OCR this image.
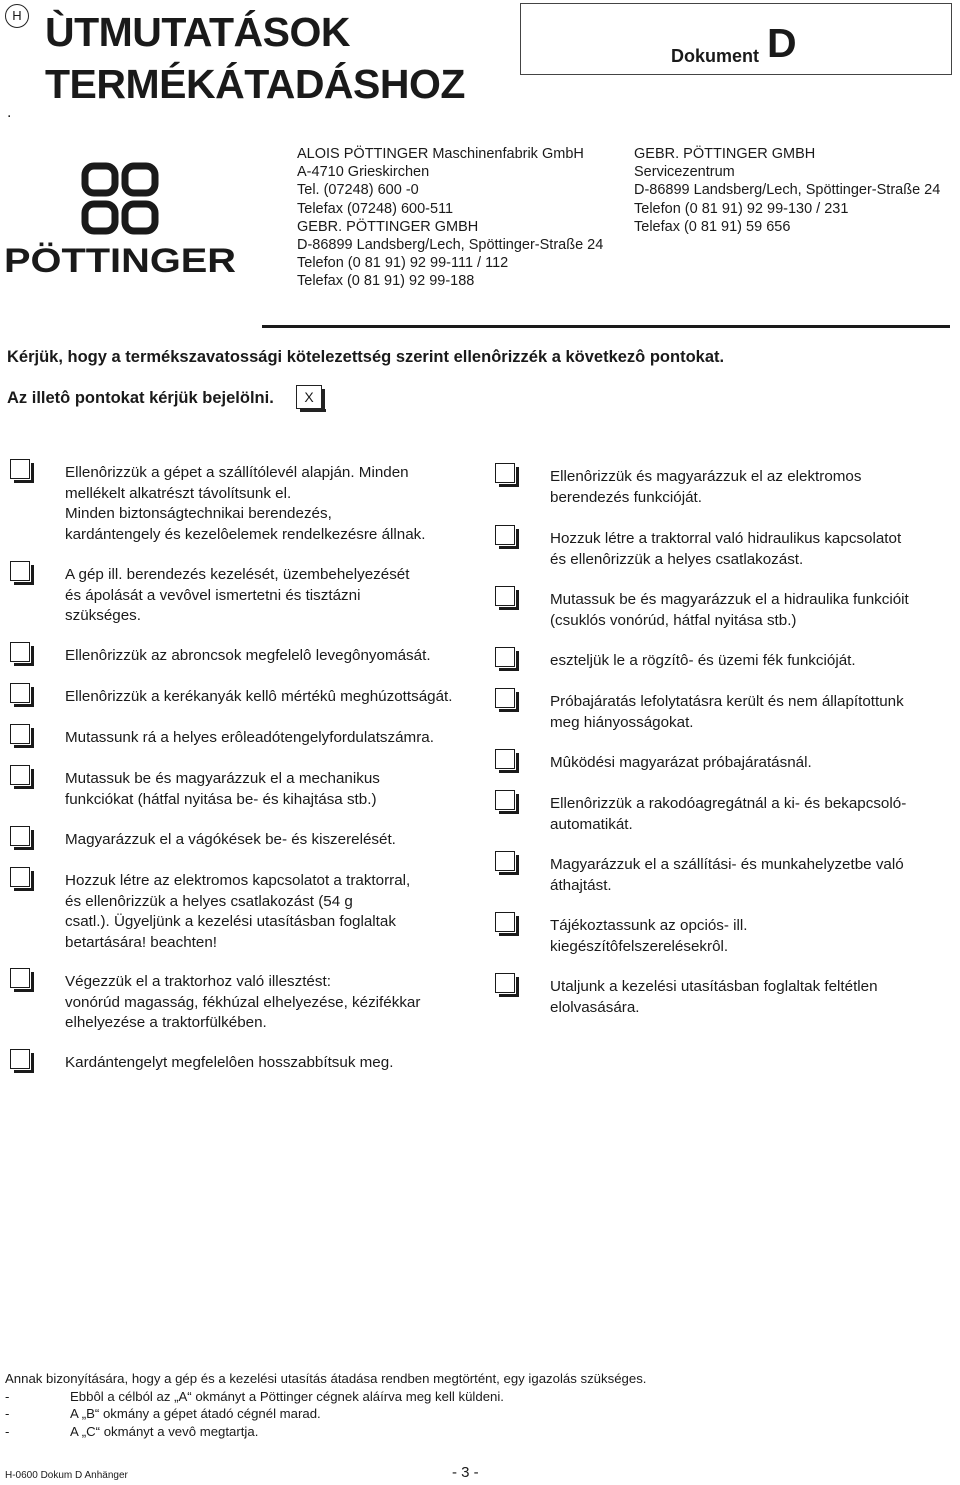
H ÙTMUTATÁSOK
TERMÉKÁTADÁSHOZ
.
Dokument D
PÖTTINGER
ALOIS PÖTTINGER Maschinenfabrik GmbH
A-4710 Grieskirchen
Tel. (07248) 600 -0
Telefax (07248) 600-511
GEBR. PÖTTINGER GMBH
D-86899 Landsberg/Lech, Spöttinger-Straße 24
Telefon (0 81 91) 92 99-111 / 112
Telefax (0 81 91) 92 99-188
GEBR. PÖTTINGER GMBH
Servicezentrum
D-86899 Landsberg/Lech, Spöttinger-Straße 24
Telefon (0 81 91) 92 99-130 / 231
Telefax (0 81 91) 59 656
Kérjük, hogy a termékszavatossági kötelezettség szerint ellenôrizzék a következô pontokat.
Az illetô pontokat kérjük bejelölni.	X
Ellenôrizzük a gépet a szállítólevél alapján. Minden
mellékelt alkatrészt távolítsunk el.
Minden biztonságtechnikai berendezés,
kardántengely és kezelôelemek rendelkezésre állnak.
A gép ill. berendezés kezelését, üzembehelyezését
és ápolását a vevôvel ismertetni és tisztázni
szükséges.
Ellenôrizzük az abroncsok megfelelô levegônyomását.
Ellenôrizzük a kerékanyák kellô mértékû meghúzottságát.
Mutassunk rá a helyes erôleadótengelyfordulatszámra.
Mutassuk be és magyarázzuk el a mechanikus
funkciókat (hátfal nyitása be- és kihajtása stb.)
Magyarázzuk el a vágókések be- és kiszerelését.
Hozzuk létre az elektromos kapcsolatot a traktorral,
és ellenôrizzük a helyes csatlakozást (54 g
csatl.). Ügyeljünk a kezelési utasításban foglaltak
betartására! beachten!
Végezzük el a traktorhoz való illesztést:
vonórúd magasság, fékhúzal elhelyezése, kézifékkar
elhelyezése a traktorfülkében.
Kardántengelyt megfelelôen hosszabbítsuk meg.
Ellenôrizzük és magyarázzuk el az elektromos
berendezés funkcióját.
Hozzuk létre a traktorral való hidraulikus kapcsolatot
és ellenôrizzük a helyes csatlakozást.
Mutassuk be és magyarázzuk el a hidraulika funkcióit
(csuklós vonórúd, hátfal nyitása stb.)
eszteljük le a rögzítô- és üzemi fék funkcióját.
Próbajáratás lefolytatásra került és nem állapítottunk
meg hiányosságokat.
Mûködési magyarázat próbajáratásnál.
Ellenôrizzük a rakodóagregátnál a ki- és bekapcsoló-
automatikát.
Magyarázzuk el a szállítási- és munkahelyzetbe való
áthajtást.
Tájékoztassunk az opciós- ill.
kiegészítôfelszerelésekrôl.
Utaljunk a kezelési utasításban foglaltak feltétlen
elolvasására.
Annak bizonyítására, hogy a gép és a kezelési utasítás átadása rendben megtörtént, egy igazolás szükséges.
-	Ebbôl a célból az „A“ okmányt a Pöttinger cégnek aláírva meg kell küldeni.
-	A „B“ okmány a gépet átadó cégnél marad.
-	A „C“ okmányt a vevô megtartja.
H-0600 Dokum D Anhänger	- 3 -
